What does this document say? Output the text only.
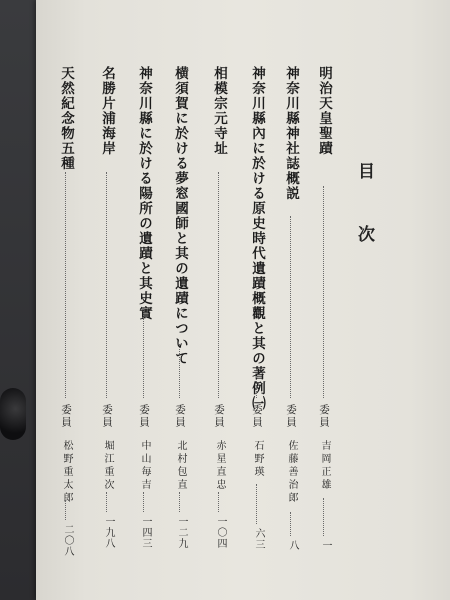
目次

明治天皇聖蹟

委員

吉岡正雄

一

神奈川縣神社誌概説

委員

佐藤善治郎

八

神奈川縣內に於ける原史時代遺蹟概觀と其の著例㈠

委員

石野瑛

六三

相模宗元寺址

委員

赤星直忠

一〇四

横須賀に於ける夢窓國師と其の遺蹟について

委員

北村包直

一二九

神奈川縣に於ける陽所の遺蹟と其史實

委員

中山毎吉

一四三

名勝片浦海岸

委員

堀江重次

一九八

天然紀念物五種

委員

松野重太郎

二〇八
